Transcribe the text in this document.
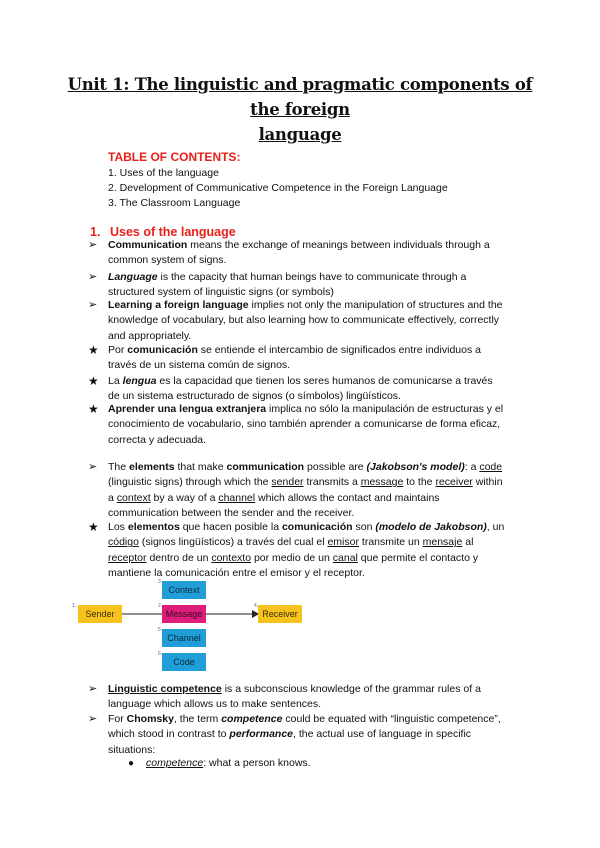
Unit 1: The linguistic and pragmatic components of the foreign
language
TABLE OF CONTENTS:
1. Uses of the language
2. Development of Communicative Competence in the Foreign Language
3. The Classroom Language
1. Uses of the language
➢ Communication means the exchange of meanings between individuals through a
common system of signs.
➢ Language is the capacity that human beings have to communicate through a
structured system of linguistic signs (or symbols)
➢ Learning a foreign language implies not only the manipulation of structures and the
knowledge of vocabulary, but also learning how to communicate effectively, correctly
and appropriately.
★ Por comunicación se entiende el intercambio de significados entre individuos a
través de un sistema común de signos.
★ La lengua es la capacidad que tienen los seres humanos de comunicarse a través
de un sistema estructurado de signos (o símbolos) lingüísticos.
★ Aprender una lengua extranjera implica no sólo la manipulación de estructuras y el
conocimiento de vocabulario, sino también aprender a comunicarse de forma eficaz,
correcta y adecuada.
➢ The elements that make communication possible are (Jakobson's model): a code
(linguistic signs) through which the sender transmits a message to the receiver within
a context by a way of a channel which allows the contact and maintains
communication between the sender and the receiver.
★ Los elementos que hacen posible la comunicación son (modelo de Jakobson), un
código (signos lingüísticos) a través del cual el emisor transmite un mensaje al
receptor dentro de un contexto por medio de un canal que permite el contacto y
mantiene la comunicación entre el emisor y el receptor.
1.
Sender
3.
Context
2.
Message
4.
Receiver
5.
Channel
6.
Code
➢ Linguistic competence is a subconscious knowledge of the grammar rules of a
language which allows us to make sentences.
➢ For Chomsky, the term competence could be equated with “linguistic competence”,
which stood in contrast to performance, the actual use of language in specific
situations:
● competence: what a person knows.
